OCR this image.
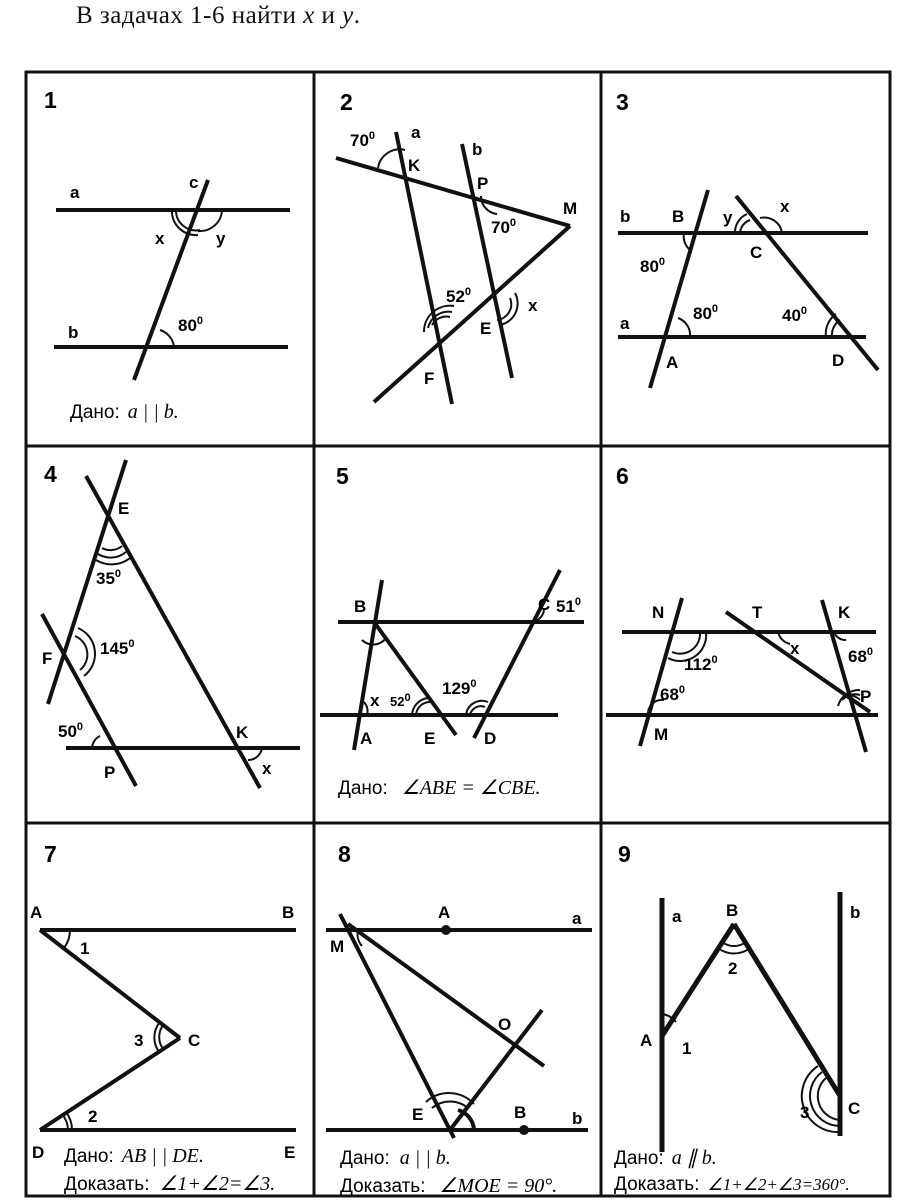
В задачах 1-6 найти x и y.
1
a
c
b
x	y
$80^0$
Дано: a | | b.
2
a
K
b
P
M
E
F
x
$70^0$
$70^0$
$52^0$
3
b B y
C
x
a
A	D
$80^0$
$80^0$	$40^0$
4
E
F
P
K
x
$35^0$
$145^0$
$50^0$
5
B	C
x
A	E	D
$51^0$
$129^0$
$52^0$
Дано: ∠ABE = ∠CBE.
6
N	T	K
x
M
P
$112^0$	$68^0$
$68^0$
7
A	B
1
3	C
2
D	E
Дано: AB | | DE.
Доказать: ∠1+∠2=∠3.
8
A	a
M
O
E	B	b
Дано: a | | b.
Доказать: ∠MOE = 90°.
9
a	B	b
2
A 1
3 C
Дано: a ∥ b.
Доказать: ∠1+∠2+∠3=360°.
